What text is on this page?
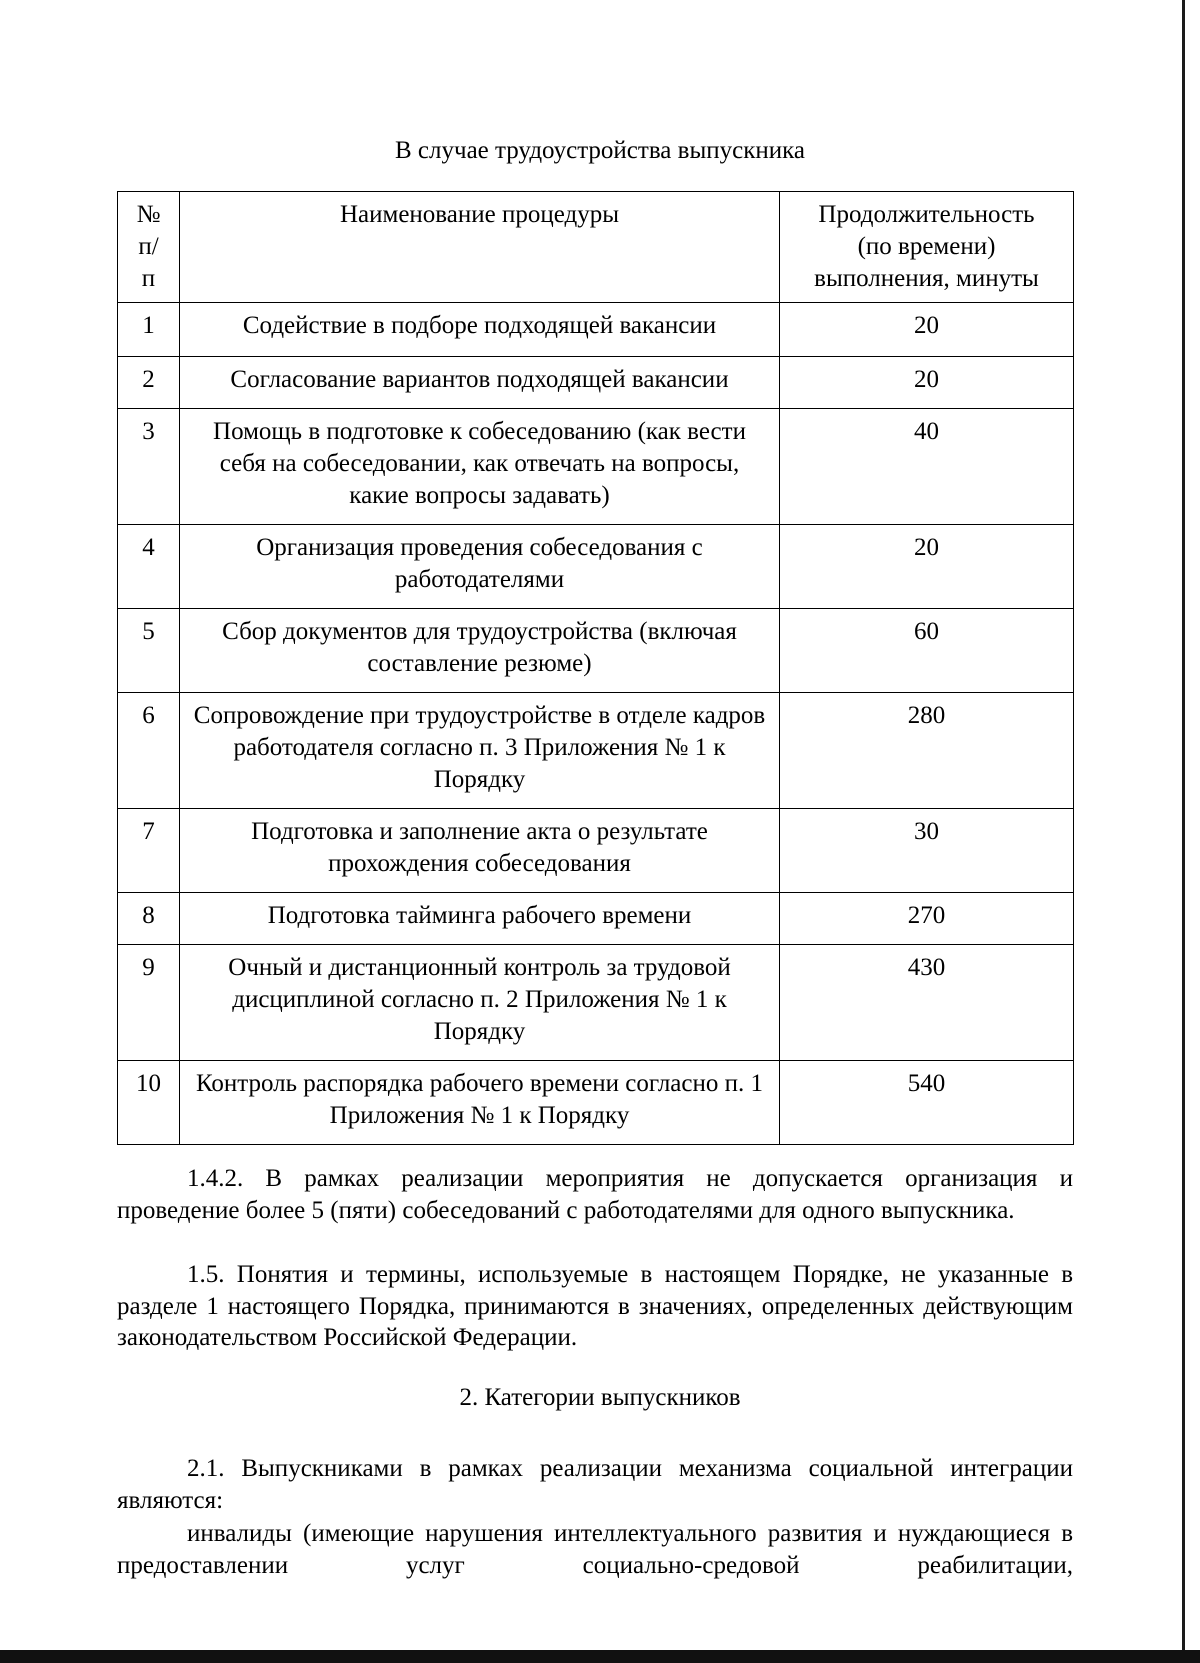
В случае трудоустройства выпускника
№ п/п	Наименование процедуры	Продолжительность (по времени) выполнения, минуты
1	Содействие в подборе подходящей вакансии	20
2	Согласование вариантов подходящей вакансии	20
3	Помощь в подготовке к собеседованию (как вести себя на собеседовании, как отвечать на вопросы, какие вопросы задавать)	40
4	Организация проведения собеседования с работодателями	20
5	Сбор документов для трудоустройства (включая составление резюме)	60
6	Сопровождение при трудоустройстве в отделе кадров работодателя согласно п. 3 Приложения № 1 к Порядку	280
7	Подготовка и заполнение акта о результате прохождения собеседования	30
8	Подготовка тайминга рабочего времени	270
9	Очный и дистанционный контроль за трудовой дисциплиной согласно п. 2 Приложения № 1 к Порядку	430
10	Контроль распорядка рабочего времени согласно п. 1 Приложения № 1 к Порядку	540
1.4.2. В рамках реализации мероприятия не допускается организация и проведение более 5 (пяти) собеседований с работодателями для одного выпускника.
1.5. Понятия и термины, используемые в настоящем Порядке, не указанные в разделе 1 настоящего Порядка, принимаются в значениях, определенных действующим законодательством Российской Федерации.
2. Категории выпускников
2.1. Выпускниками в рамках реализации механизма социальной интеграции являются:
инвалиды (имеющие нарушения интеллектуального развития и нуждающиеся в предоставлении услуг социально-средовой реабилитации,
